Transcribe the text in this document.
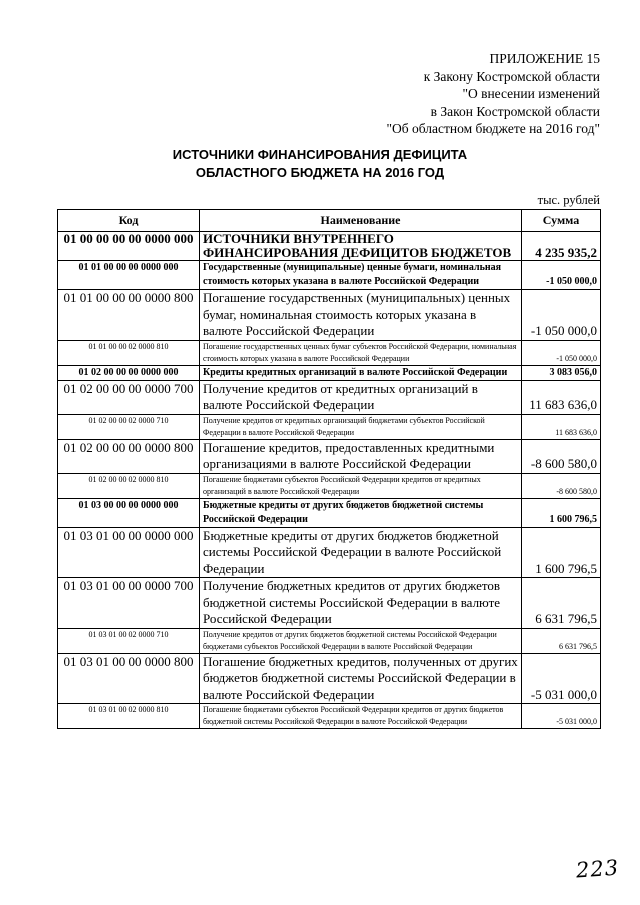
ПРИЛОЖЕНИЕ 15
к Закону Костромской области
"О внесении изменений
в Закон Костромской области
"Об областном бюджете на 2016 год"
ИСТОЧНИКИ ФИНАНСИРОВАНИЯ ДЕФИЦИТА
ОБЛАСТНОГО БЮДЖЕТА НА 2016 ГОД
тыс. рублей
Код	Наименование	Сумма
01 00 00 00 00 0000 000	ИСТОЧНИКИ ВНУТРЕННЕГО ФИНАНСИРОВАНИЯ ДЕФИЦИТОВ БЮДЖЕТОВ	4 235 935,2
01 01 00 00 00 0000 000	Государственные (муниципальные) ценные бумаги, номинальная стоимость которых указана в валюте Российской Федерации	-1 050 000,0
01 01 00 00 00 0000 800	Погашение государственных (муниципальных) ценных бумаг, номинальная стоимость которых указана в валюте Российской Федерации	-1 050 000,0
01 01 00 00 02 0000 810	Погашение государственных ценных бумаг субъектов Российской Федерации, номинальная стоимость которых указана в валюте Российской Федерации	-1 050 000,0
01 02 00 00 00 0000 000	Кредиты кредитных организаций в валюте Российской Федерации	3 083 056,0
01 02 00 00 00 0000 700	Получение кредитов от кредитных организаций в валюте Российской Федерации	11 683 636,0
01 02 00 00 02 0000 710	Получение кредитов от кредитных организаций бюджетами субъектов Российской Федерации в валюте Российской Федерации	11 683 636,0
01 02 00 00 00 0000 800	Погашение кредитов, предоставленных кредитными организациями в валюте Российской Федерации	-8 600 580,0
01 02 00 00 02 0000 810	Погашение бюджетами субъектов Российской Федерации кредитов от кредитных организаций в валюте Российской Федерации	-8 600 580,0
01 03 00 00 00 0000 000	Бюджетные кредиты от других бюджетов бюджетной системы Российской Федерации	1 600 796,5
01 03 01 00 00 0000 000	Бюджетные кредиты от других бюджетов бюджетной системы Российской Федерации в валюте Российской Федерации	1 600 796,5
01 03 01 00 00 0000 700	Получение бюджетных кредитов от других бюджетов бюджетной системы Российской Федерации в валюте Российской Федерации	6 631 796,5
01 03 01 00 02 0000 710	Получение кредитов от других бюджетов бюджетной системы Российской Федерации бюджетами субъектов Российской Федерации в валюте Российской Федерации	6 631 796,5
01 03 01 00 00 0000 800	Погашение бюджетных кредитов, полученных от других бюджетов бюджетной системы Российской Федерации в валюте Российской Федерации	-5 031 000,0
01 03 01 00 02 0000 810	Погашение бюджетами субъектов Российской Федерации кредитов от других бюджетов бюджетной системы Российской Федерации в валюте Российской Федерации	-5 031 000,0
223
